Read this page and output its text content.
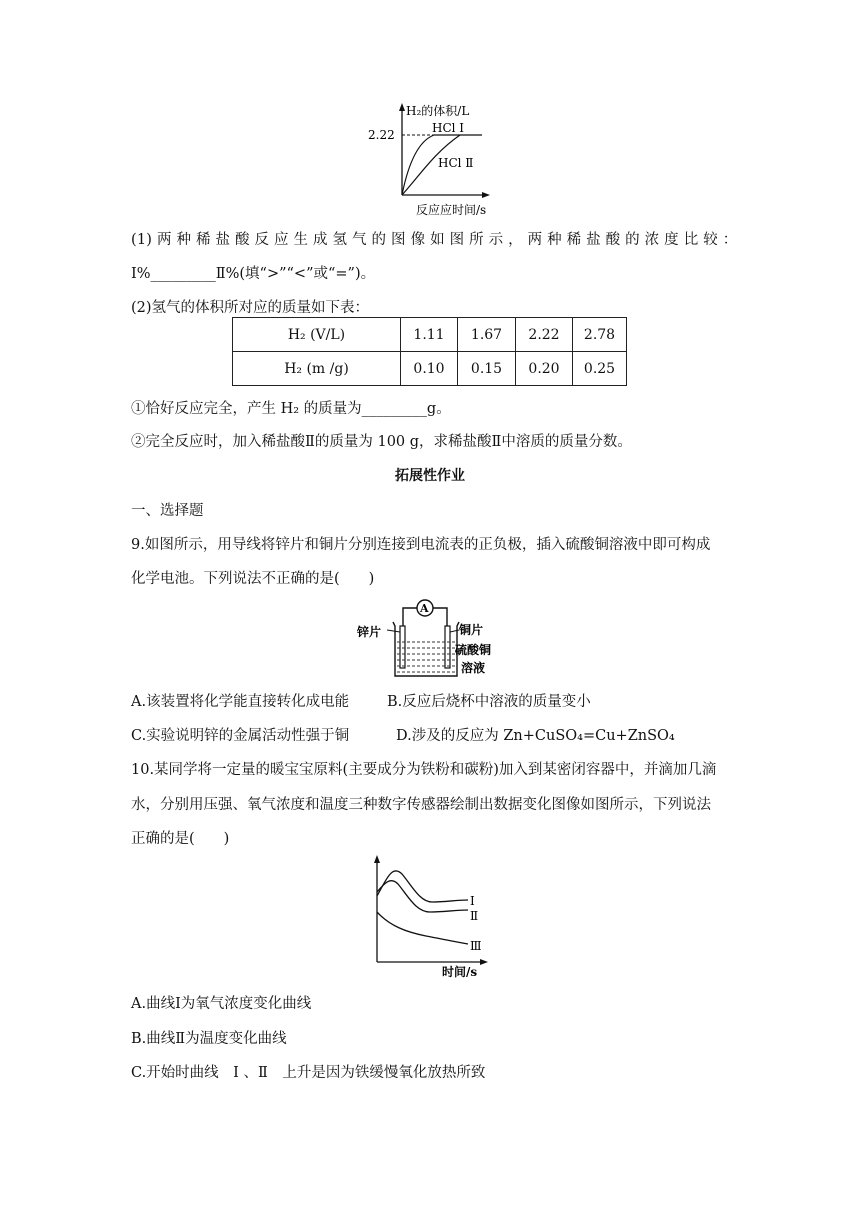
H₂的体积/L
2.22	HCl Ⅰ
HCl Ⅱ
反应应时间/s
(1) 两 种 稀 盐 酸 反 应 生 成 氢 气 的 图 像 如 图 所 示 ， 两 种 稀 盐 酸 的 浓 度 比 较 ：
Ⅰ%_________Ⅱ%(填“>”“<”或“=”)。
(2)氢气的体积所对应的质量如下表：
H₂ (V/L)	1.11	1.67	2.22	2.78
H₂ (m /g)	0.10	0.15	0.20	0.25
①恰好反应完全，产生 H₂ 的质量为_________g。
②完全反应时，加入稀盐酸Ⅱ的质量为 100 g，求稀盐酸Ⅱ中溶质的质量分数。
拓展性作业
一、选择题
9.如图所示，用导线将锌片和铜片分别连接到电流表的正负极，插入硫酸铜溶液中即可构成
化学电池。下列说法不正确的是(　　)
A
锌片	铜片
硫酸铜
溶液
A.该装置将化学能直接转化成电能	B.反应后烧杯中溶液的质量变小
C.实验说明锌的金属活动性强于铜	D.涉及的反应为 Zn+CuSO₄=Cu+ZnSO₄
10.某同学将一定量的暖宝宝原料(主要成分为铁粉和碳粉)加入到某密闭容器中，并滴加几滴
水，分别用压强、氧气浓度和温度三种数字传感器绘制出数据变化图像如图所示，下列说法
正确的是(　　)
Ⅰ
Ⅱ
Ⅲ
时间/s
A.曲线Ⅰ为氧气浓度变化曲线
B.曲线Ⅱ为温度变化曲线
C.开始时曲线　Ⅰ 、Ⅱ　上升是因为铁缓慢氧化放热所致
